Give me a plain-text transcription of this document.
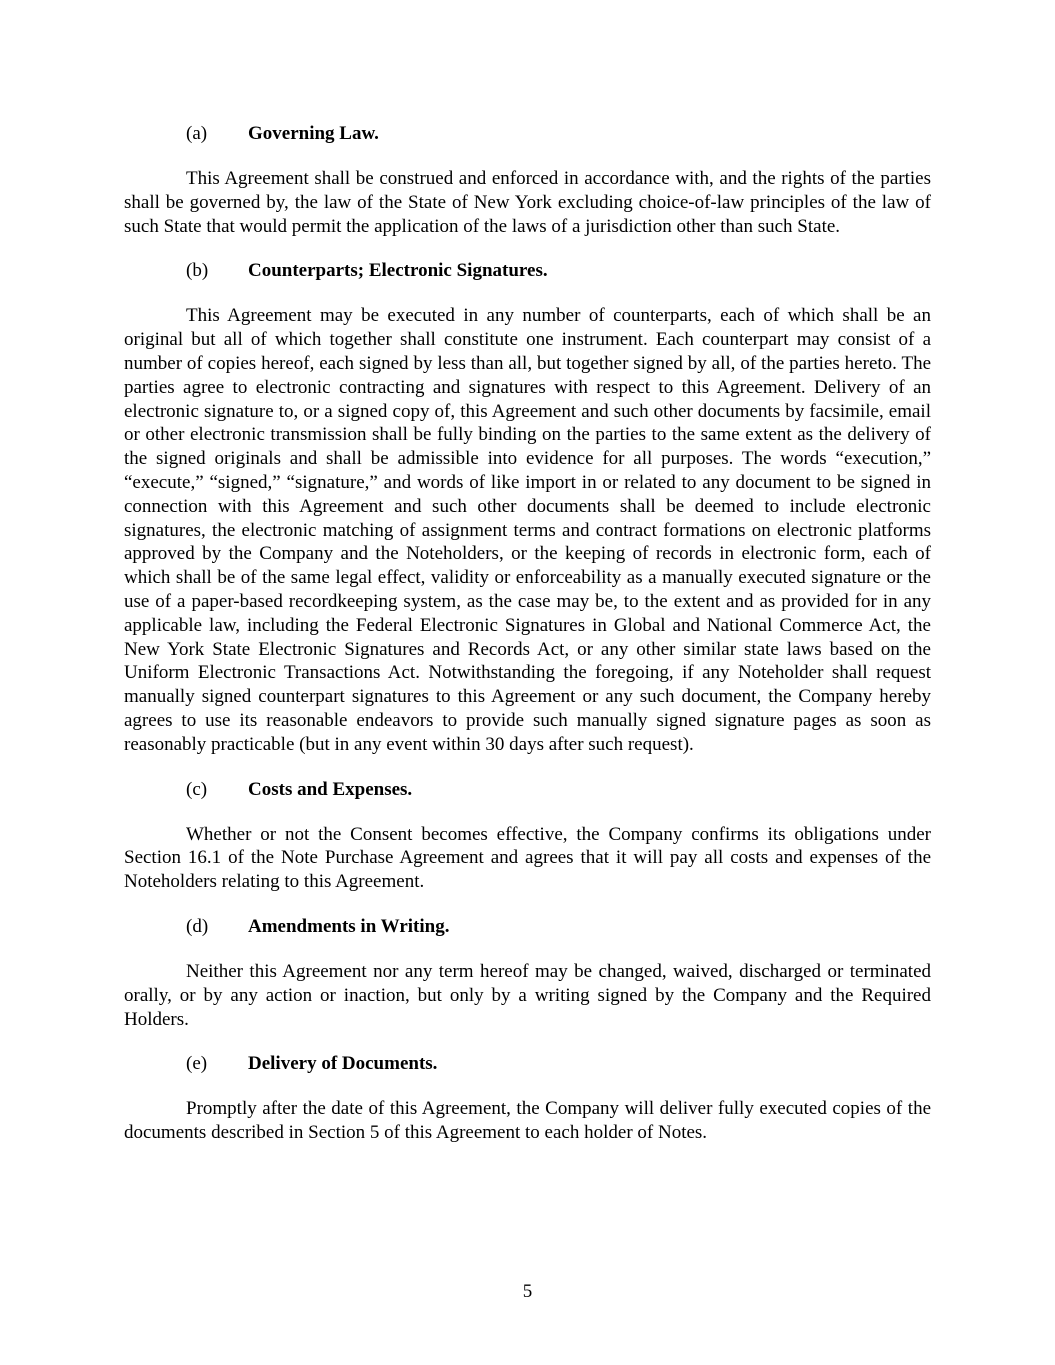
(a) Governing Law.

This Agreement shall be construed and enforced in accordance with, and the rights of the parties shall be governed by, the law of the State of New York excluding choice-of-law principles of the law of such State that would permit the application of the laws of a jurisdiction other than such State.

(b) Counterparts; Electronic Signatures.

This Agreement may be executed in any number of counterparts, each of which shall be an original but all of which together shall constitute one instrument. Each counterpart may consist of a number of copies hereof, each signed by less than all, but together signed by all, of the parties hereto. The parties agree to electronic contracting and signatures with respect to this Agreement. Delivery of an electronic signature to, or a signed copy of, this Agreement and such other documents by facsimile, email or other electronic transmission shall be fully binding on the parties to the same extent as the delivery of the signed originals and shall be admissible into evidence for all purposes. The words “execution,” “execute,” “signed,” “signature,” and words of like import in or related to any document to be signed in connection with this Agreement and such other documents shall be deemed to include electronic signatures, the electronic matching of assignment terms and contract formations on electronic platforms approved by the Company and the Noteholders, or the keeping of records in electronic form, each of which shall be of the same legal effect, validity or enforceability as a manually executed signature or the use of a paper-based recordkeeping system, as the case may be, to the extent and as provided for in any applicable law, including the Federal Electronic Signatures in Global and National Commerce Act, the New York State Electronic Signatures and Records Act, or any other similar state laws based on the Uniform Electronic Transactions Act. Notwithstanding the foregoing, if any Noteholder shall request manually signed counterpart signatures to this Agreement or any such document, the Company hereby agrees to use its reasonable endeavors to provide such manually signed signature pages as soon as reasonably practicable (but in any event within 30 days after such request).

(c) Costs and Expenses.

Whether or not the Consent becomes effective, the Company confirms its obligations under Section 16.1 of the Note Purchase Agreement and agrees that it will pay all costs and expenses of the Noteholders relating to this Agreement.

(d) Amendments in Writing.

Neither this Agreement nor any term hereof may be changed, waived, discharged or terminated orally, or by any action or inaction, but only by a writing signed by the Company and the Required Holders.

(e) Delivery of Documents.

Promptly after the date of this Agreement, the Company will deliver fully executed copies of the documents described in Section 5 of this Agreement to each holder of Notes.

5
